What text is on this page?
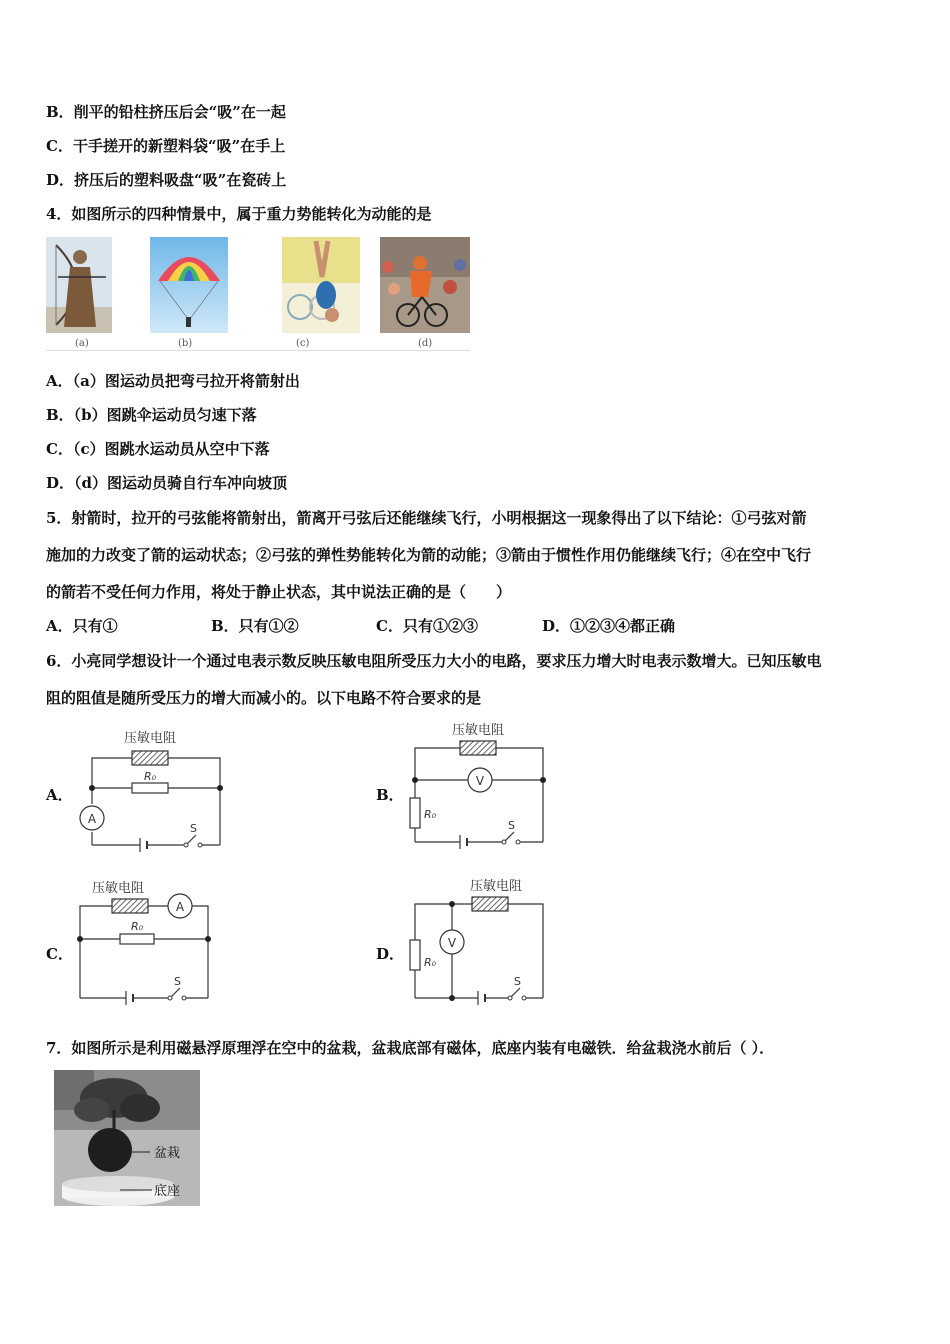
B．削平的铅柱挤压后会“吸”在一起
C．干手搓开的新塑料袋“吸”在手上
D．挤压后的塑料吸盘“吸”在瓷砖上
4．如图所示的四种情景中，属于重力势能转化为动能的是
(a)	(b)	(c)	(d)
A．（a）图运动员把弯弓拉开将箭射出
B．（b）图跳伞运动员匀速下落
C．（c）图跳水运动员从空中下落
D．（d）图运动员骑自行车冲向坡顶
5．射箭时，拉开的弓弦能将箭射出，箭离开弓弦后还能继续飞行，小明根据这一现象得出了以下结论：①弓弦对箭
施加的力改变了箭的运动状态；②弓弦的弹性势能转化为箭的动能；③箭由于惯性作用仍能继续飞行；④在空中飞行
的箭若不受任何力作用，将处于静止状态，其中说法正确的是（　　）
A．只有①	B．只有①②	C．只有①②③	D．①②③④都正确
6．小亮同学想设计一个通过电表示数反映压敏电阻所受压力大小的电路，要求压力增大时电表示数增大。已知压敏电
阻的阻值是随所受压力的增大而减小的。以下电路不符合要求的是
A．	B．
C．	D．
压敏电阻
R₀
A
S
压敏电阻
R₀
V
S
压敏电阻
R₀
A
S
压敏电阻
R₀
V
S
7．如图所示是利用磁悬浮原理浮在空中的盆栽，盆栽底部有磁体，底座内装有电磁铁．给盆栽浇水前后（ ）．
盆栽
底座
